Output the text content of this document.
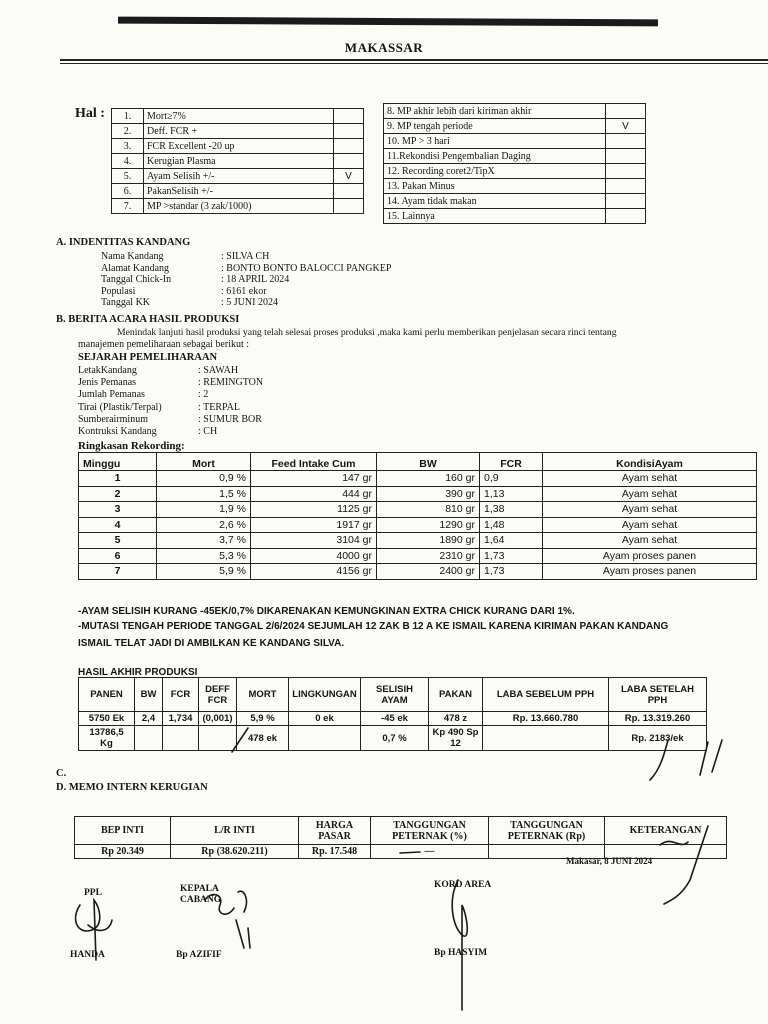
MAKASSAR
Hal : 1.	Mort≥7%	
2.	Deff. FCR +	
3.	FCR Excellent -20 up	
4.	Kerugian Plasma	
5.	Ayam Selisih +/-	V
6.	PakanSelisih +/-	
7.	MP >standar (3 zak/1000)	
8. MP akhir lebih dari kiriman akhir	
9. MP tengah periode	V
10. MP > 3 hari	
11.Rekondisi Pengembalian Daging	
12. Recording coret2/TipX	
13. Pakan Minus	
14. Ayam tidak makan	
15. Lainnya	
A. INDENTITAS KANDANG
Nama Kandang	: SILVA CH
Alamat Kandang	: BONTO BONTO BALOCCI PANGKEP
Tanggal Chick-In	: 18 APRIL 2024
Populasi	: 6161 ekor
Tanggal KK	: 5 JUNI 2024
B. BERITA ACARA HASIL PRODUKSI
Menindak lanjuti hasil produksi yang telah selesai proses produksi ,maka kami perlu memberikan penjelasan secara rinci tentang
manajemen pemeliharaan sebagai berikut :
SEJARAH PEMELIHARAAN
LetakKandang	: SAWAH
Jenis Pemanas	: REMINGTON
Jumlah Pemanas	: 2
Tirai (Plastik/Terpal)	: TERPAL
Sumberairminum	: SUMUR BOR
Kontruksi Kandang	: CH
Ringkasan Rekording:
Minggu	Mort	Feed Intake Cum	BW	FCR	KondisiAyam
1	0,9 %	147 gr	160 gr	0,9	Ayam sehat
2	1,5 %	444 gr	390 gr	1,13	Ayam sehat
3	1,9 %	1125 gr	810 gr	1,38	Ayam sehat
4	2,6 %	1917 gr	1290 gr	1,48	Ayam sehat
5	3,7 %	3104 gr	1890 gr	1,64	Ayam sehat
6	5,3 %	4000 gr	2310 gr	1,73	Ayam proses panen
7	5,9 %	4156 gr	2400 gr	1,73	Ayam proses panen
-AYAM SELISIH KURANG -45EK/0,7% DIKARENAKAN KEMUNGKINAN EXTRA CHICK KURANG DARI 1%.
-MUTASI TENGAH PERIODE TANGGAL 2/6/2024 SEJUMLAH 12 ZAK B 12 A KE ISMAIL KARENA KIRIMAN PAKAN KANDANG
ISMAIL TELAT JADI DI AMBILKAN KE KANDANG SILVA.
HASIL AKHIR PRODUKSI
PANEN	BW	FCR	DEFF FCR	MORT	LINGKUNGAN	SELISIH AYAM	PAKAN	LABA SEBELUM PPH	LABA SETELAH PPH
5750 Ek	2,4	1,734	(0,001)	5,9 %	0 ek	-45 ek	478 z	Rp. 13.660.780	Rp. 13.319.260
13786,5 Kg				478 ek		0,7 %	Kp 490 Sp 12		Rp. 2183/ek
C.
D. MEMO INTERN KERUGIAN
BEP INTI	L/R INTI	HARGA PASAR	TANGGUNGAN PETERNAK (%)	TANGGUNGAN PETERNAK (Rp)	KETERANGAN
Rp 20.349	Rp (38.620.211)	Rp. 17.548	—		
Makasar, 8 JUNI 2024
PPL	KEPALA CABANG
KORD AREA
HANDA	Bp AZIFIF	Bp HASYIM
